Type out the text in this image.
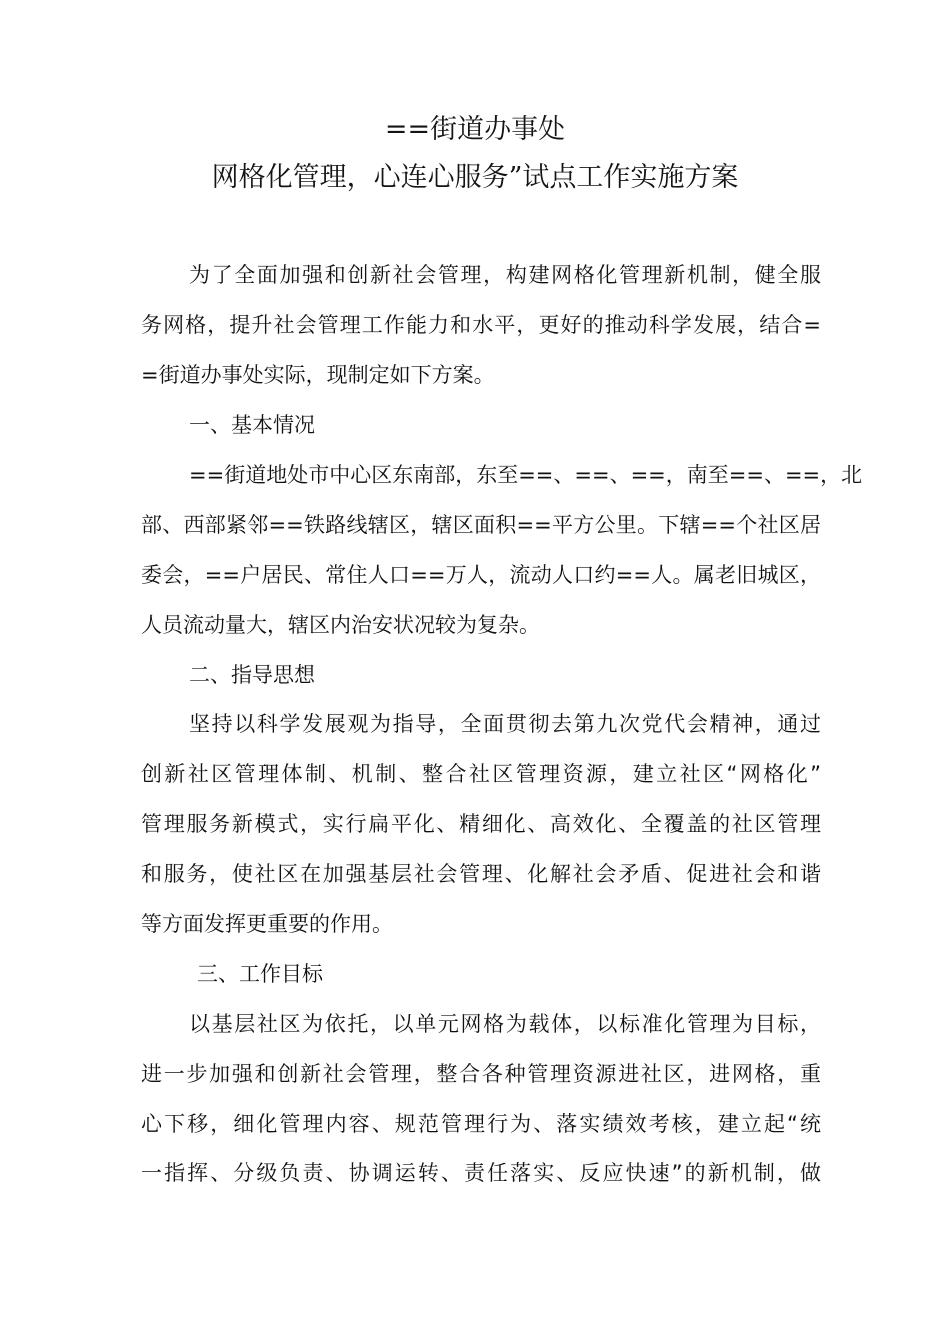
==街道办事处
网格化管理，心连心服务”试点工作实施方案
为了全面加强和创新社会管理，构建网格化管理新机制，健全服
务网格，提升社会管理工作能力和水平，更好的推动科学发展，结合=
=街道办事处实际，现制定如下方案。
一、基本情况
==街道地处市中心区东南部，东至==、==、==，南至==、==，北
部、西部紧邻==铁路线辖区，辖区面积==平方公里。下辖==个社区居
委会，==户居民、常住人口==万人，流动人口约==人。属老旧城区，
人员流动量大，辖区内治安状况较为复杂。
二、指导思想
坚持以科学发展观为指导，全面贯彻去第九次党代会精神，通过
创新社区管理体制、机制、整合社区管理资源，建立社区“网格化”
管理服务新模式，实行扁平化、精细化、高效化、全覆盖的社区管理
和服务，使社区在加强基层社会管理、化解社会矛盾、促进社会和谐
等方面发挥更重要的作用。
三、工作目标
以基层社区为依托，以单元网格为载体，以标准化管理为目标，
进一步加强和创新社会管理，整合各种管理资源进社区，进网格，重
心下移，细化管理内容、规范管理行为、落实绩效考核，建立起“统
一指挥、分级负责、协调运转、责任落实、反应快速”的新机制，做
